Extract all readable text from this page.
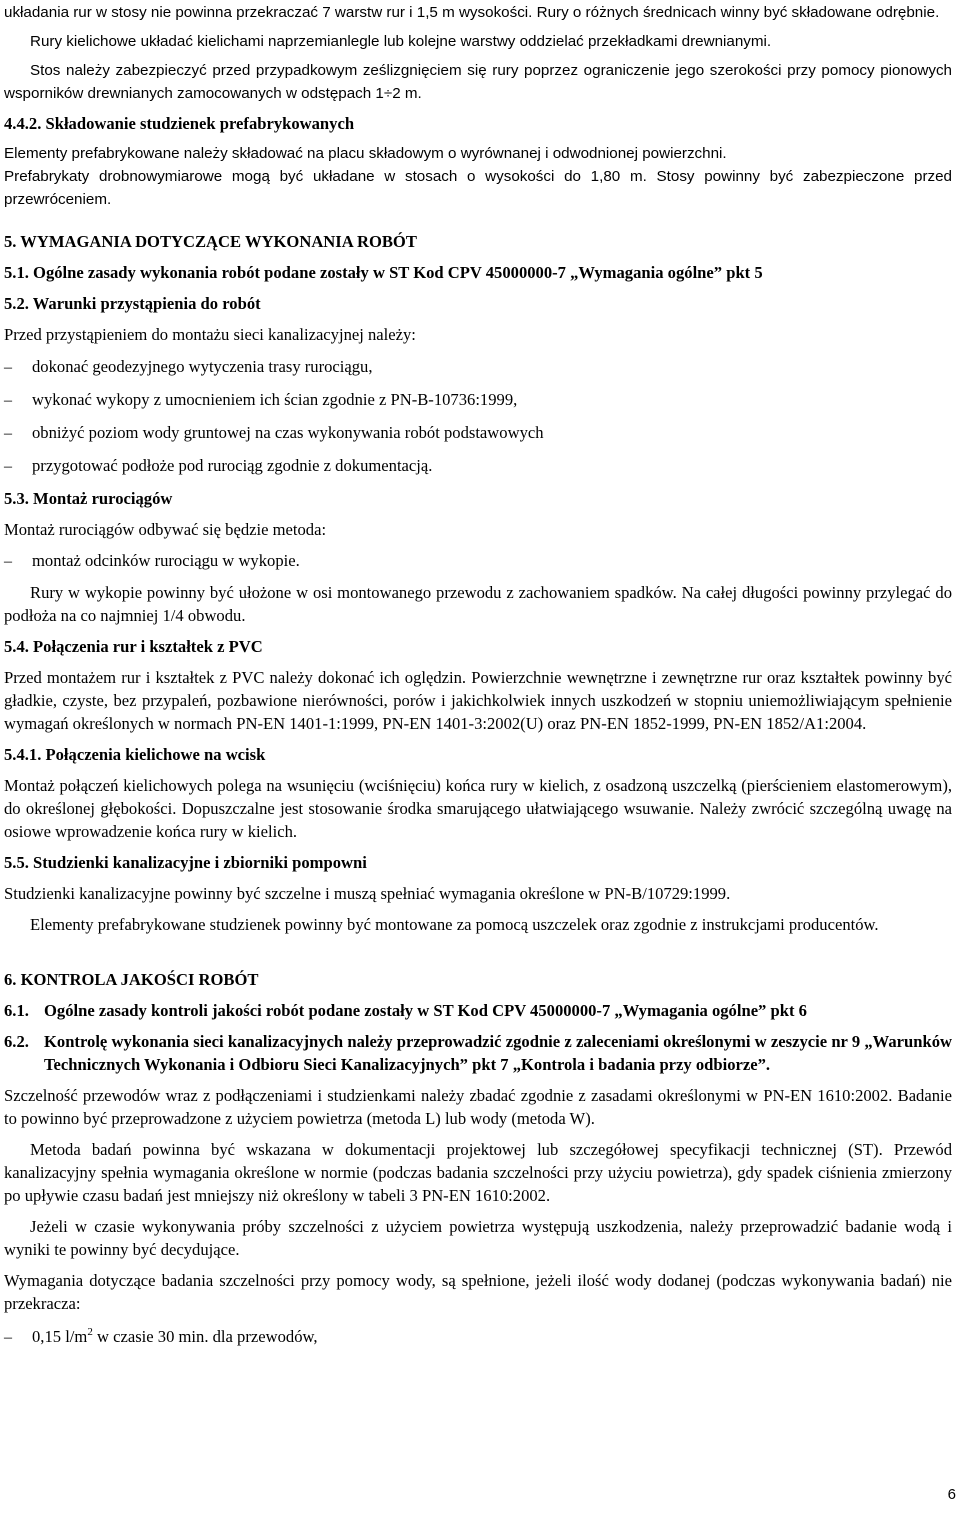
układania rur w stosy nie powinna przekraczać 7 warstw rur i 1,5 m wysokości. Rury o różnych średnicach winny być składowane odrębnie.

Rury kielichowe układać kielichami naprzemianlegle lub kolejne warstwy oddzielać przekładkami drewnianymi.

Stos należy zabezpieczyć przed przypadkowym ześlizgnięciem się rury poprzez ograniczenie jego szerokości przy pomocy pionowych wsporników drewnianych zamocowanych w odstępach 1÷2 m.

4.4.2. Składowanie studzienek prefabrykowanych

Elementy prefabrykowane należy składować na placu składowym o wyrównanej i odwodnionej powierzchni.

Prefabrykaty drobnowymiarowe mogą być układane w stosach o wysokości do 1,80 m. Stosy powinny być zabezpieczone przed przewróceniem.

5. WYMAGANIA DOTYCZĄCE WYKONANIA ROBÓT

5.1. Ogólne zasady wykonania robót podane zostały w ST Kod CPV 45000000-7 „Wymagania ogólne” pkt 5

5.2. Warunki przystąpienia do robót

Przed przystąpieniem do montażu sieci kanalizacyjnej należy:

–	dokonać geodezyjnego wytyczenia trasy rurociągu,
–	wykonać wykopy z umocnieniem ich ścian zgodnie z PN-B-10736:1999,
–	obniżyć poziom wody gruntowej na czas wykonywania robót podstawowych
–	przygotować podłoże pod rurociąg zgodnie z dokumentacją.

5.3. Montaż rurociągów

Montaż rurociągów odbywać się będzie metoda:

–	montaż odcinków rurociągu w wykopie.

Rury w wykopie powinny być ułożone w osi montowanego przewodu z zachowaniem spadków. Na całej długości powinny przylegać do podłoża na co najmniej 1/4 obwodu.

5.4. Połączenia rur i kształtek z PVC

Przed montażem rur i kształtek z PVC należy dokonać ich oględzin. Powierzchnie wewnętrzne i zewnętrzne rur oraz kształtek powinny być gładkie, czyste, bez przypaleń, pozbawione nierówności, porów i jakichkolwiek innych uszkodzeń w stopniu uniemożliwiającym spełnienie wymagań określonych w normach PN-EN 1401-1:1999, PN-EN 1401-3:2002(U) oraz PN-EN 1852-1999, PN-EN 1852/A1:2004.

5.4.1. Połączenia kielichowe na wcisk

Montaż połączeń kielichowych polega na wsunięciu (wciśnięciu) końca rury w kielich, z osadzoną uszczelką (pierścieniem elastomerowym), do określonej głębokości. Dopuszczalne jest stosowanie środka smarującego ułatwiającego wsuwanie. Należy zwrócić szczególną uwagę na osiowe wprowadzenie końca rury w kielich.

5.5. Studzienki kanalizacyjne i zbiorniki pompowni

Studzienki kanalizacyjne powinny być szczelne i muszą spełniać wymagania określone w PN-B/10729:1999.

Elementy prefabrykowane studzienek powinny być montowane za pomocą uszczelek oraz zgodnie z instrukcjami producentów.

6. KONTROLA JAKOŚCI ROBÓT

6.1. Ogólne zasady kontroli jakości robót podane zostały w ST Kod CPV 45000000-7 „Wymagania ogólne” pkt 6
6.2. Kontrolę wykonania sieci kanalizacyjnych należy przeprowadzić zgodnie z zaleceniami określonymi w zeszycie nr 9 „Warunków Technicznych Wykonania i Odbioru Sieci Kanalizacyjnych” pkt 7 „Kontrola i badania przy odbiorze”.

Szczelność przewodów wraz z podłączeniami i studzienkami należy zbadać zgodnie z zasadami określonymi w PN-EN 1610:2002. Badanie to powinno być przeprowadzone z użyciem powietrza (metoda L) lub wody (metoda W).

Metoda badań powinna być wskazana w dokumentacji projektowej lub szczegółowej specyfikacji technicznej (ST). Przewód kanalizacyjny spełnia wymagania określone w normie (podczas badania szczelności przy użyciu powietrza), gdy spadek ciśnienia zmierzony po upływie czasu badań jest mniejszy niż określony w tabeli 3 PN-EN 1610:2002.

Jeżeli w czasie wykonywania próby szczelności z użyciem powietrza występują uszkodzenia, należy przeprowadzić badanie wodą i wyniki te powinny być decydujące.

Wymagania dotyczące badania szczelności przy pomocy wody, są spełnione, jeżeli ilość wody dodanej (podczas wykonywania badań) nie przekracza:

–	0,15 $l/m^2$ w czasie 30 min. dla przewodów,
6
